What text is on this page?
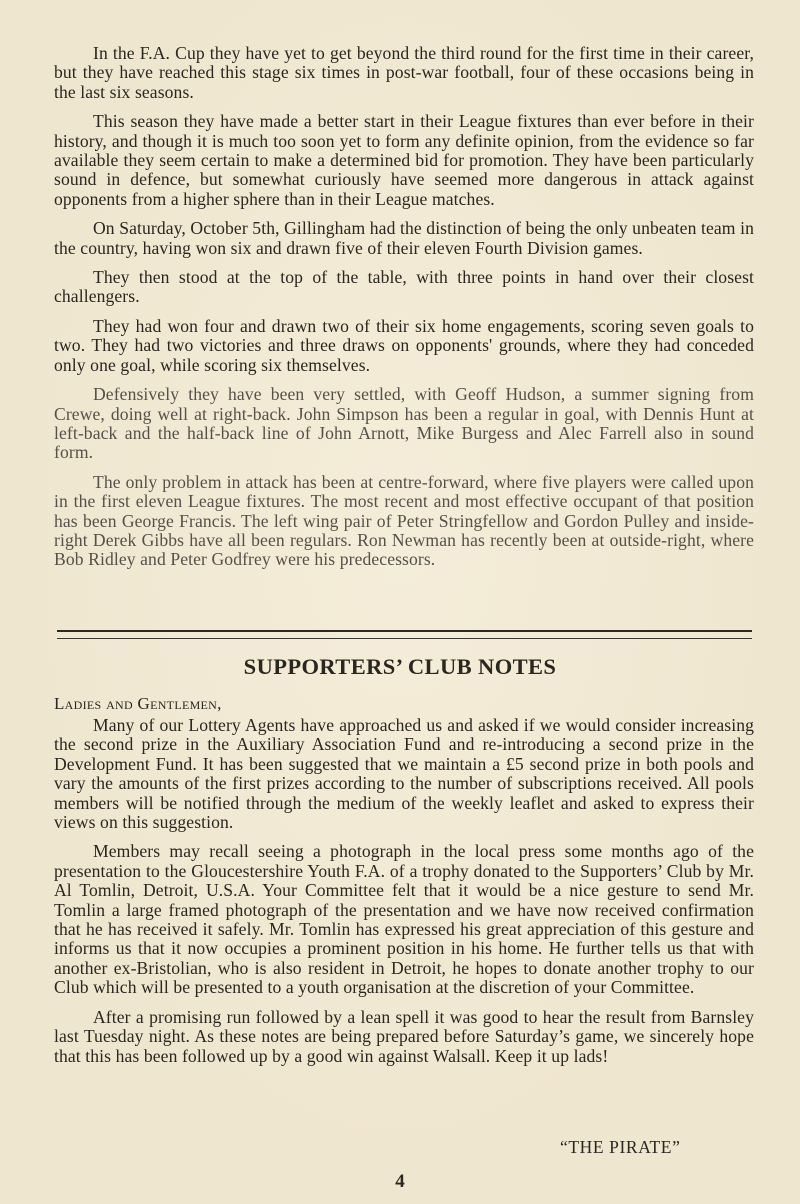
In the F.A. Cup they have yet to get beyond the third round for the first time in their career, but they have reached this stage six times in post-war football, four of these occasions being in the last six seasons.

This season they have made a better start in their League fixtures than ever before in their history, and though it is much too soon yet to form any definite opinion, from the evidence so far available they seem certain to make a determined bid for promotion. They have been particularly sound in defence, but somewhat curiously have seemed more dangerous in attack against opponents from a higher sphere than in their League matches.

On Saturday, October 5th, Gillingham had the distinction of being the only unbeaten team in the country, having won six and drawn five of their eleven Fourth Division games.

They then stood at the top of the table, with three points in hand over their closest challengers.

They had won four and drawn two of their six home engagements, scoring seven goals to two. They had two victories and three draws on opponents' grounds, where they had conceded only one goal, while scoring six themselves.

Defensively they have been very settled, with Geoff Hudson, a summer signing from Crewe, doing well at right-back. John Simpson has been a regular in goal, with Dennis Hunt at left-back and the half-back line of John Arnott, Mike Burgess and Alec Farrell also in sound form.

The only problem in attack has been at centre-forward, where five players were called upon in the first eleven League fixtures. The most recent and most effective occupant of that position has been George Francis. The left wing pair of Peter Stringfellow and Gordon Pulley and inside-right Derek Gibbs have all been regulars. Ron Newman has recently been at outside-right, where Bob Ridley and Peter Godfrey were his predecessors.

SUPPORTERS’ CLUB NOTES

Ladies and Gentlemen,

Many of our Lottery Agents have approached us and asked if we would consider increasing the second prize in the Auxiliary Association Fund and re-introducing a second prize in the Development Fund. It has been suggested that we maintain a £5 second prize in both pools and vary the amounts of the first prizes according to the number of subscriptions received. All pools members will be notified through the medium of the weekly leaflet and asked to express their views on this suggestion.

Members may recall seeing a photograph in the local press some months ago of the presentation to the Gloucestershire Youth F.A. of a trophy donated to the Supporters’ Club by Mr. Al Tomlin, Detroit, U.S.A. Your Committee felt that it would be a nice gesture to send Mr. Tomlin a large framed photograph of the presentation and we have now received confirmation that he has received it safely. Mr. Tomlin has expressed his great appreciation of this gesture and informs us that it now occupies a prominent position in his home. He further tells us that with another ex-Bristolian, who is also resident in Detroit, he hopes to donate another trophy to our Club which will be presented to a youth organisation at the discretion of your Committee.

After a promising run followed by a lean spell it was good to hear the result from Barnsley last Tuesday night. As these notes are being prepared before Saturday’s game, we sincerely hope that this has been followed up by a good win against Walsall. Keep it up lads!

“THE PIRATE”
4
